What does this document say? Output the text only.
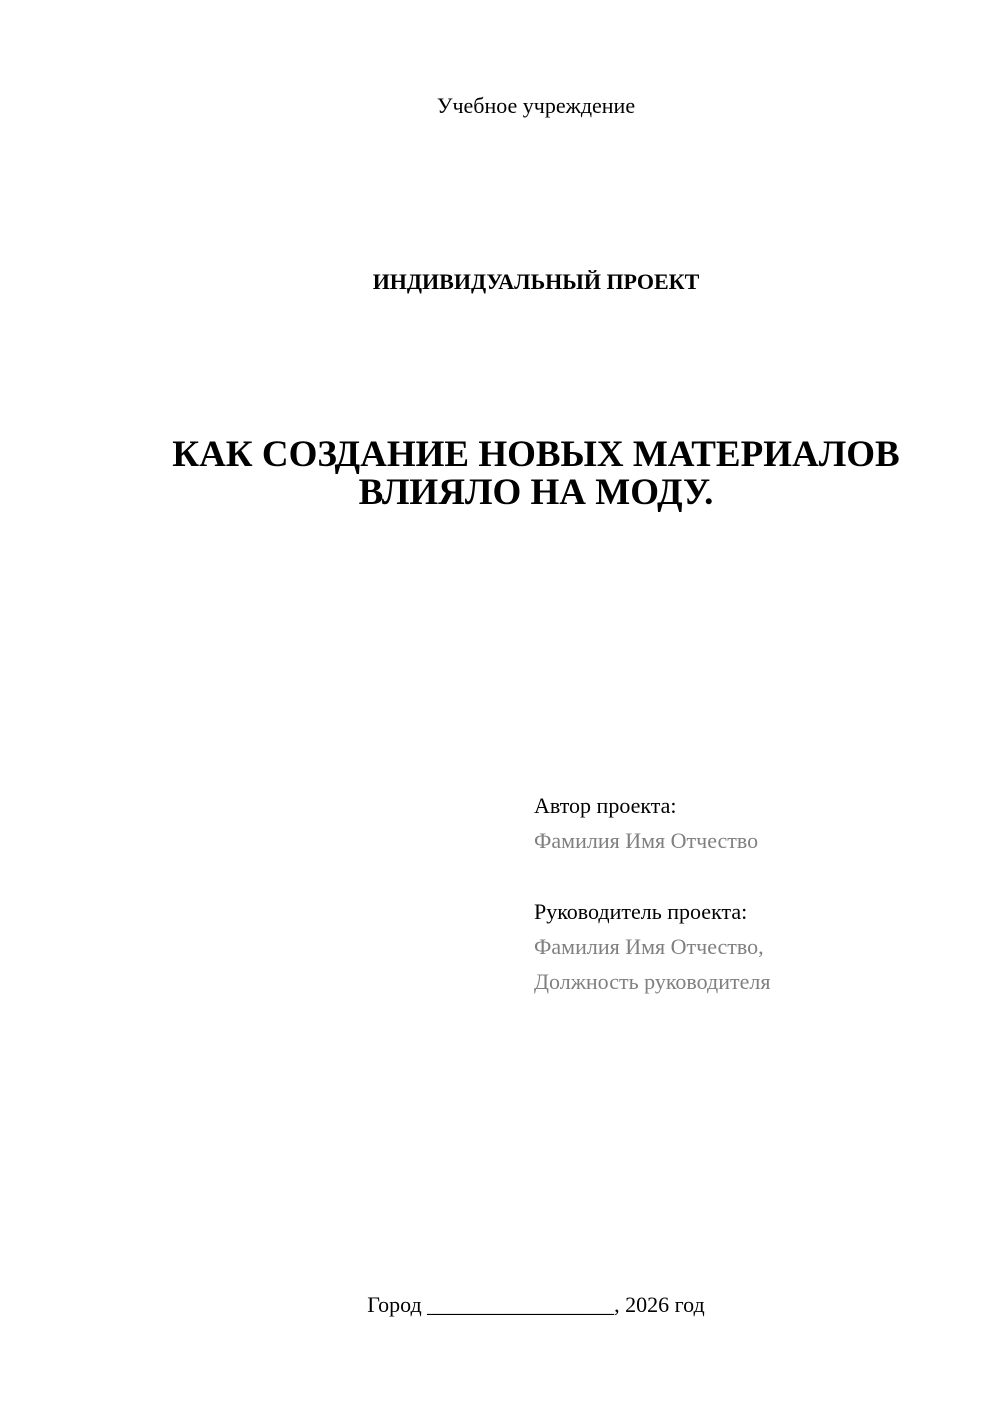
Учебное учреждение
ИНДИВИДУАЛЬНЫЙ ПРОЕКТ
КАК СОЗДАНИЕ НОВЫХ МАТЕРИАЛОВ
ВЛИЯЛО НА МОДУ.
Автор проекта:
Фамилия Имя Отчество
Руководитель проекта:
Фамилия Имя Отчество,
Должность руководителя
Город _________________, 2026 год
